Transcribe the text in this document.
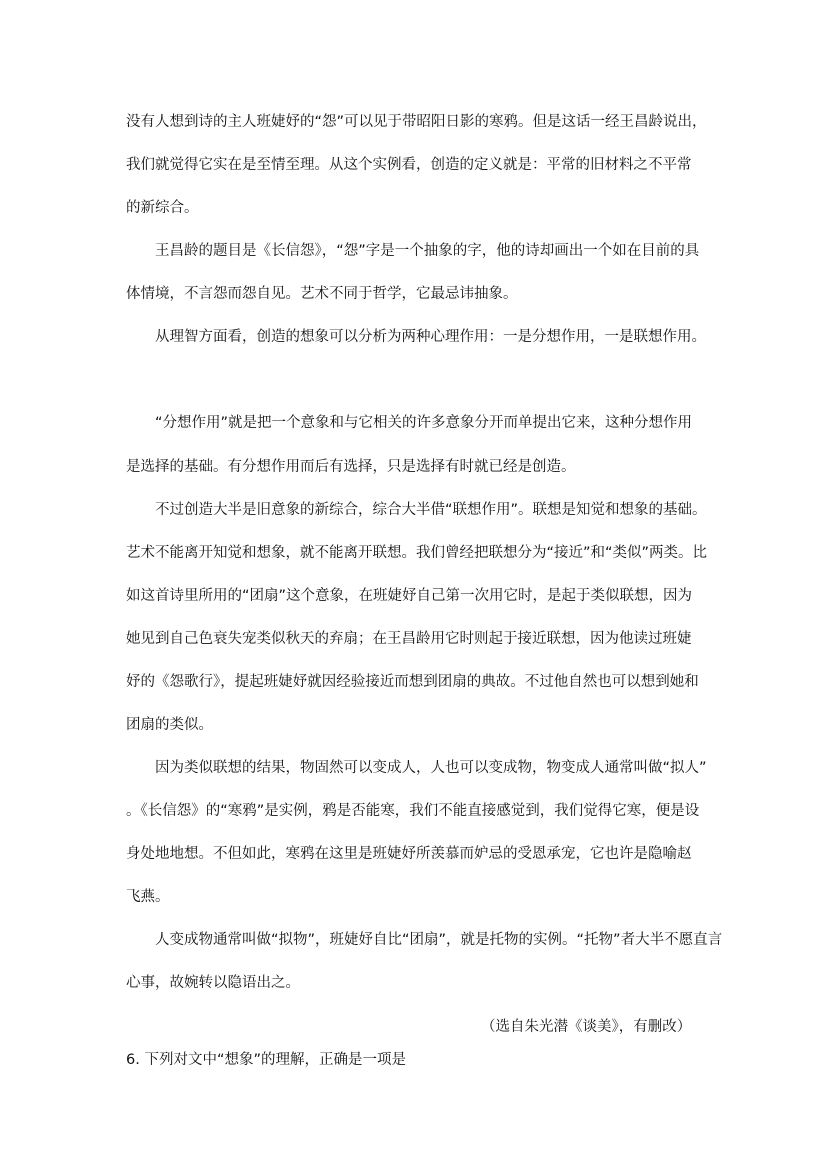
没有人想到诗的主人班婕妤的“怨”可以见于带昭阳日影的寒鸦。但是这话一经王昌龄说出，
我们就觉得它实在是至情至理。从这个实例看，创造的定义就是：平常的旧材料之不平常
的新综合。
王昌龄的题目是《长信怨》，“怨”字是一个抽象的字，他的诗却画出一个如在目前的具
体情境，不言怨而怨自见。艺术不同于哲学，它最忌讳抽象。
从理智方面看，创造的想象可以分析为两种心理作用：一是分想作用，一是联想作用。
“分想作用”就是把一个意象和与它相关的许多意象分开而单提出它来，这种分想作用
是选择的基础。有分想作用而后有选择，只是选择有时就已经是创造。
不过创造大半是旧意象的新综合，综合大半借“联想作用”。联想是知觉和想象的基础。
艺术不能离开知觉和想象，就不能离开联想。我们曾经把联想分为“接近”和“类似”两类。比
如这首诗里所用的“团扇”这个意象，在班婕妤自己第一次用它时，是起于类似联想，因为
她见到自己色衰失宠类似秋天的弃扇；在王昌龄用它时则起于接近联想，因为他读过班婕
妤的《怨歌行》，提起班婕妤就因经验接近而想到团扇的典故。不过他自然也可以想到她和
团扇的类似。
因为类似联想的结果，物固然可以变成人，人也可以变成物，物变成人通常叫做“拟人”
。《长信怨》的“寒鸦”是实例，鸦是否能寒，我们不能直接感觉到，我们觉得它寒，便是设
身处地地想。不但如此，寒鸦在这里是班婕妤所羡慕而妒忌的受恩承宠，它也许是隐喻赵
飞燕。
人变成物通常叫做“拟物”，班婕妤自比“团扇”，就是托物的实例。“托物”者大半不愿直言
心事，故婉转以隐语出之。
（选自朱光潜《谈美》，有删改）
6. 下列对文中“想象”的理解，正确是一项是
